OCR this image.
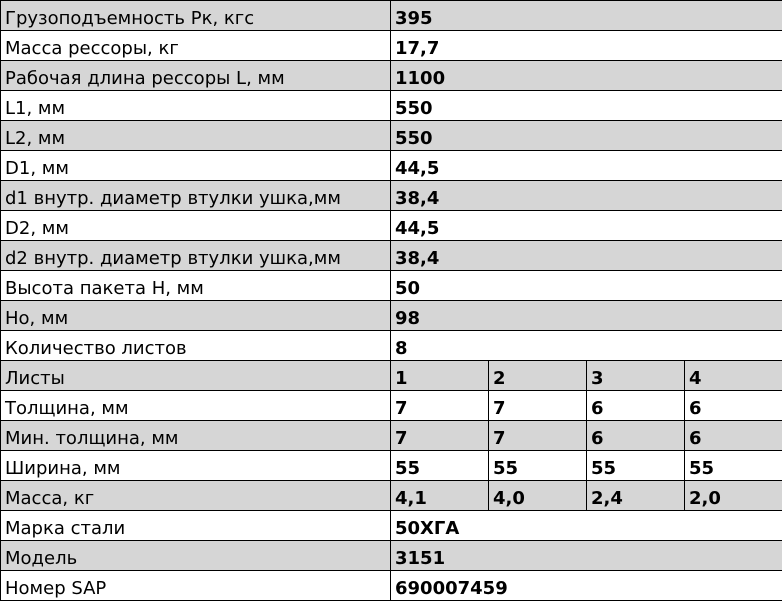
Грузоподъемность Рк, кгс	395			
Масса рессоры, кг	17,7			
Рабочая длина рессоры L, мм	1100			
L1, мм	550			
L2, мм	550			
D1, мм	44,5			
d1 внутр. диаметр втулки ушка,мм	38,4			
D2, мм	44,5			
d2 внутр. диаметр втулки ушка,мм	38,4			
Высота пакета Н, мм	50			
Но, мм	98			
Количество листов	8			
Листы	1	2	3	4
Толщина, мм	7	7	6	6
Мин. толщина, мм	7	7	6	6
Ширина, мм	55	55	55	55
Масса, кг	4,1	4,0	2,4	2,0
Марка стали	50ХГА			
Модель	3151			
Номер SAP	690007459			
